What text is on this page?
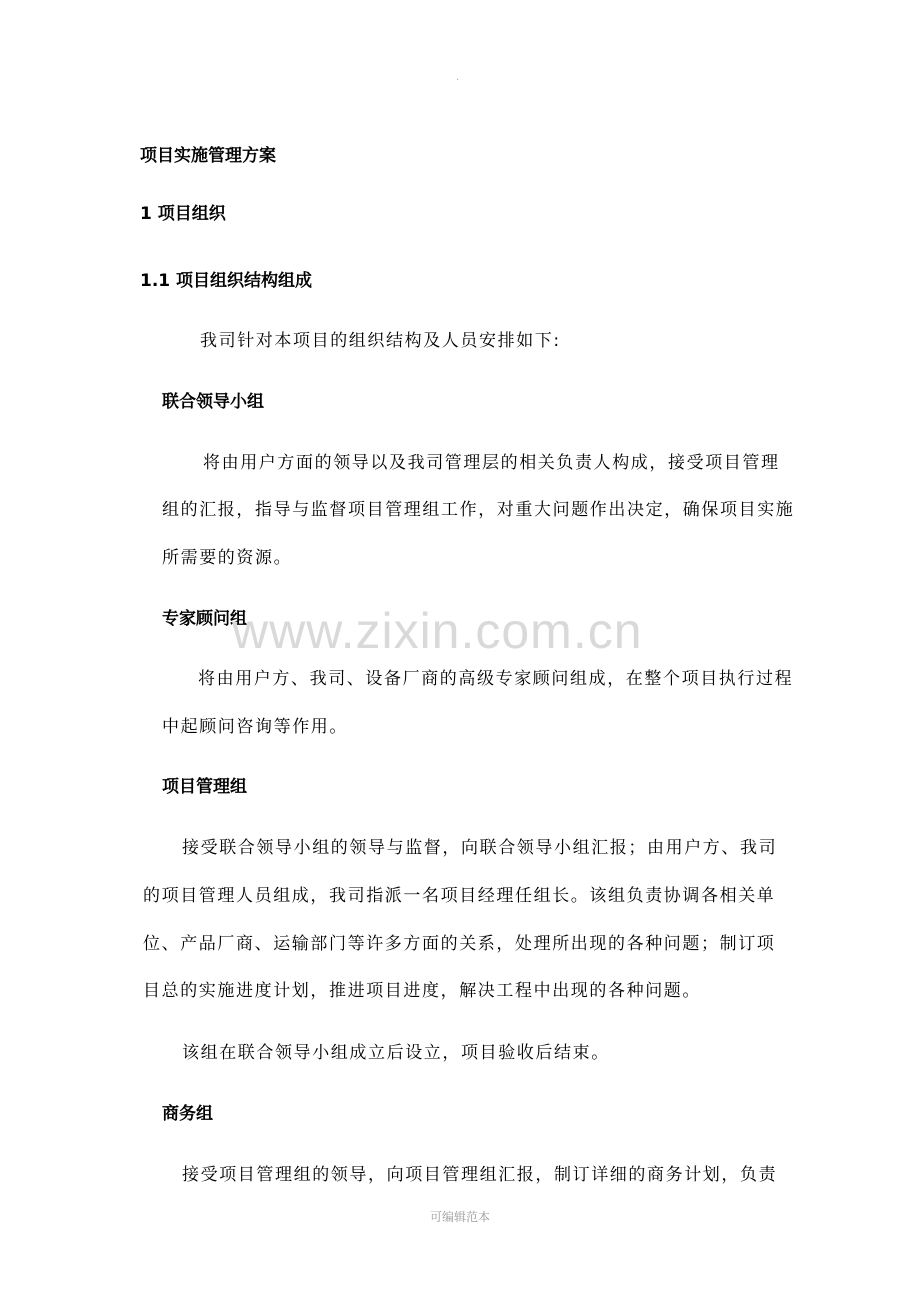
.
项目实施管理方案
1 项目组织
1.1 项目组织结构组成
我司针对本项目的组织结构及人员安排如下:
联合领导小组
将由用户方面的领导以及我司管理层的相关负责人构成，接受项目管理
组的汇报，指导与监督项目管理组工作，对重大问题作出决定，确保项目实施
所需要的资源。
专家顾问组
将由用户方、我司、设备厂商的高级专家顾问组成，在整个项目执行过程
中起顾问咨询等作用。
项目管理组
接受联合领导小组的领导与监督，向联合领导小组汇报；由用户方、我司
的项目管理人员组成，我司指派一名项目经理任组长。该组负责协调各相关单
位、产品厂商、运输部门等许多方面的关系，处理所出现的各种问题；制订项
目总的实施进度计划，推进项目进度，解决工程中出现的各种问题。
该组在联合领导小组成立后设立，项目验收后结束。
商务组
接受项目管理组的领导，向项目管理组汇报，制订详细的商务计划，负责
www.zixin.com.cn
可编辑范本
